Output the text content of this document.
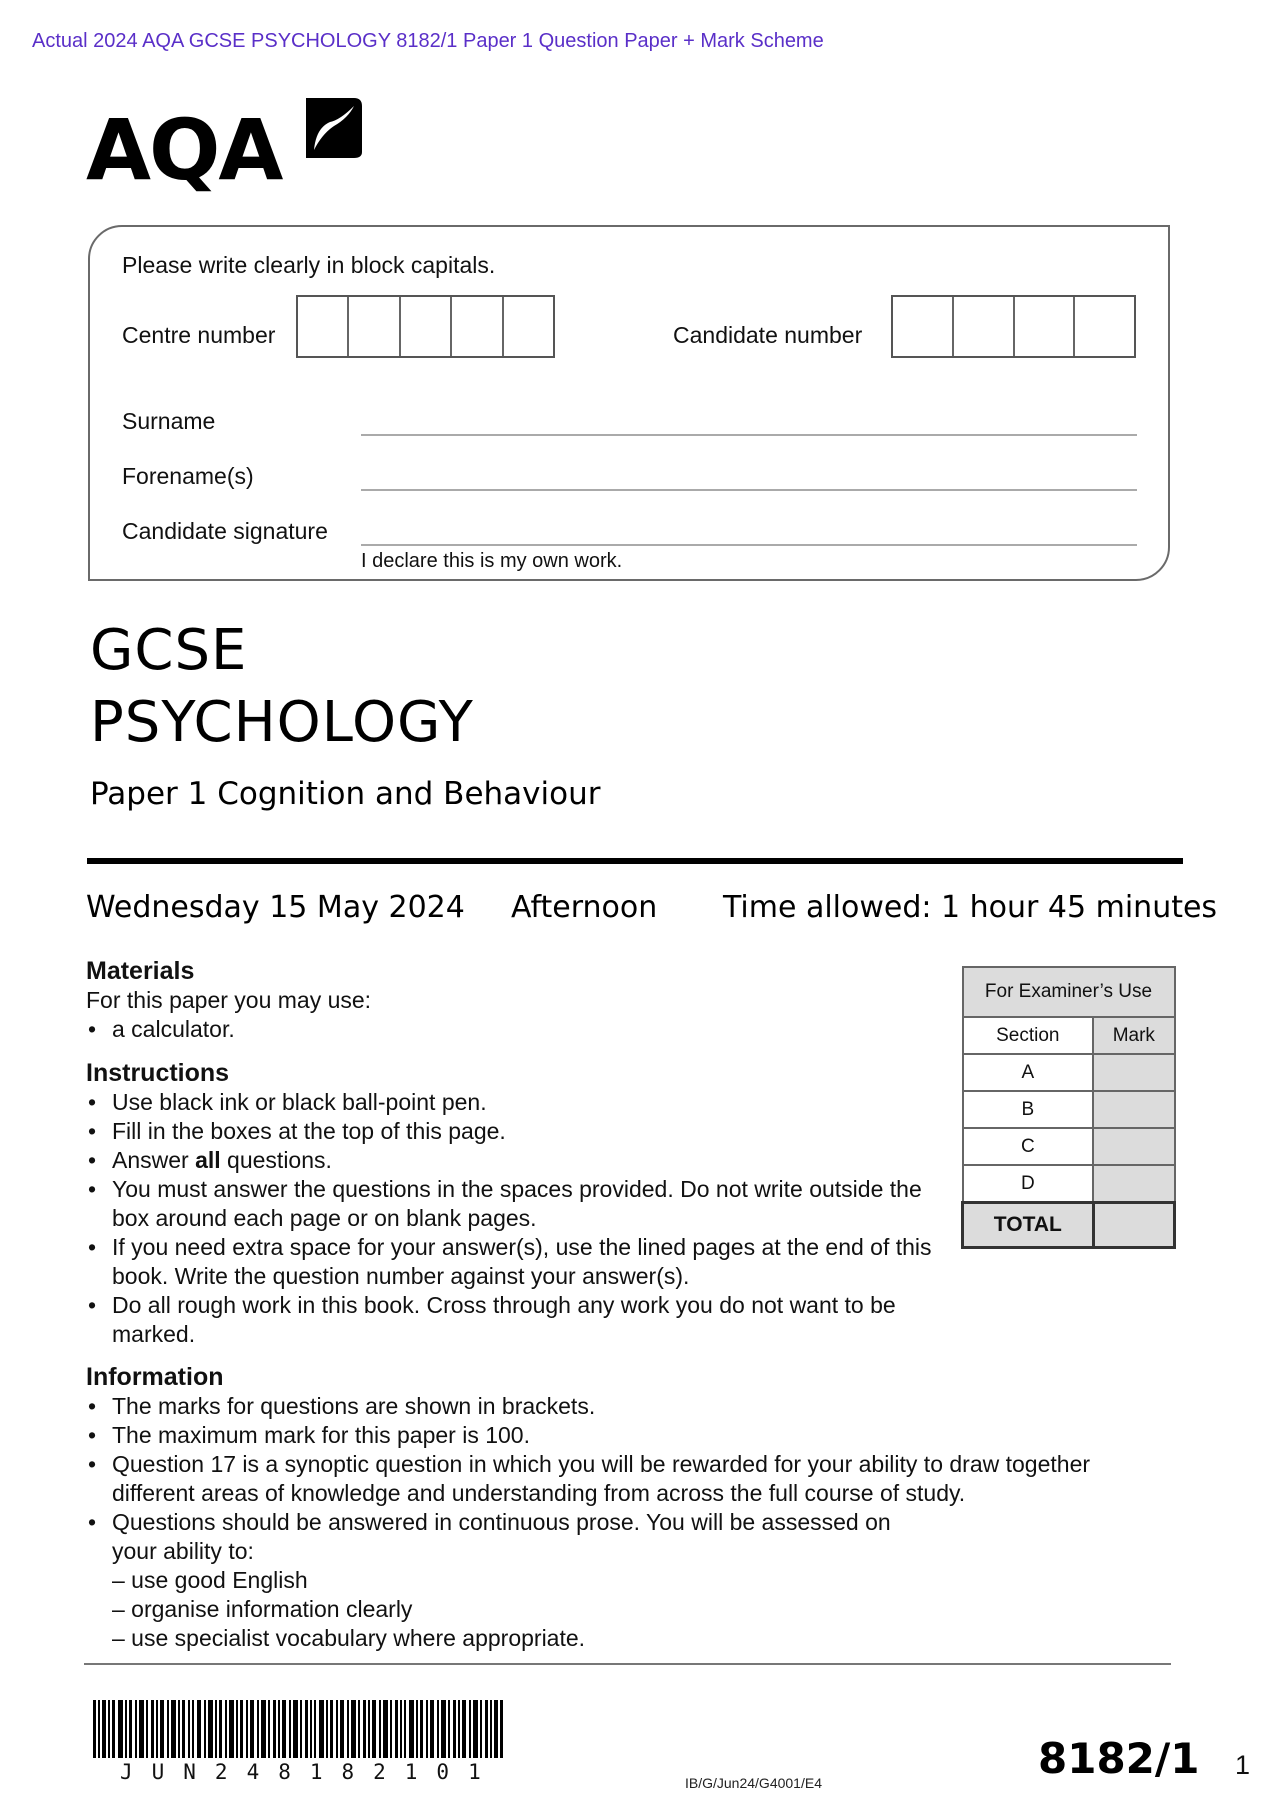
Actual 2024 AQA GCSE PSYCHOLOGY 8182/1 Paper 1 Question Paper + Mark Scheme
AQA
Please write clearly in block capitals.
Centre number	Candidate number
Surname
Forename(s)
Candidate signature
I declare this is my own work.
GCSE
PSYCHOLOGY
Paper 1 Cognition and Behaviour
Wednesday 15 May 2024 Afternoon Time allowed: 1 hour 45 minutes
Materials

For this paper you may use:

• a calculator.
Instructions
• Use black ink or black ball-point pen.
• Fill in the boxes at the top of this page.
• Answer all questions.
• You must answer the questions in the spaces provided. Do not write outside the box around each page or on blank pages.
• If you need extra space for your answer(s), use the lined pages at the end of this book. Write the question number against your answer(s).
• Do all rough work in this book. Cross through any work you do not want to be marked.
Information
• The marks for questions are shown in brackets.
• The maximum mark for this paper is 100.
• Question 17 is a synoptic question in which you will be rewarded for your ability to draw together different areas of knowledge and understanding from across the full course of study.
• Questions should be answered in continuous prose. You will be assessed on your ability to:
– use good English
– organise information clearly
– use specialist vocabulary where appropriate.
For Examiner’s Use	
Section	Mark
A	
B	
C	
D	
TOTAL	
JUN248182101	IB/G/Jun24/G4001/E4	8182/1 1
